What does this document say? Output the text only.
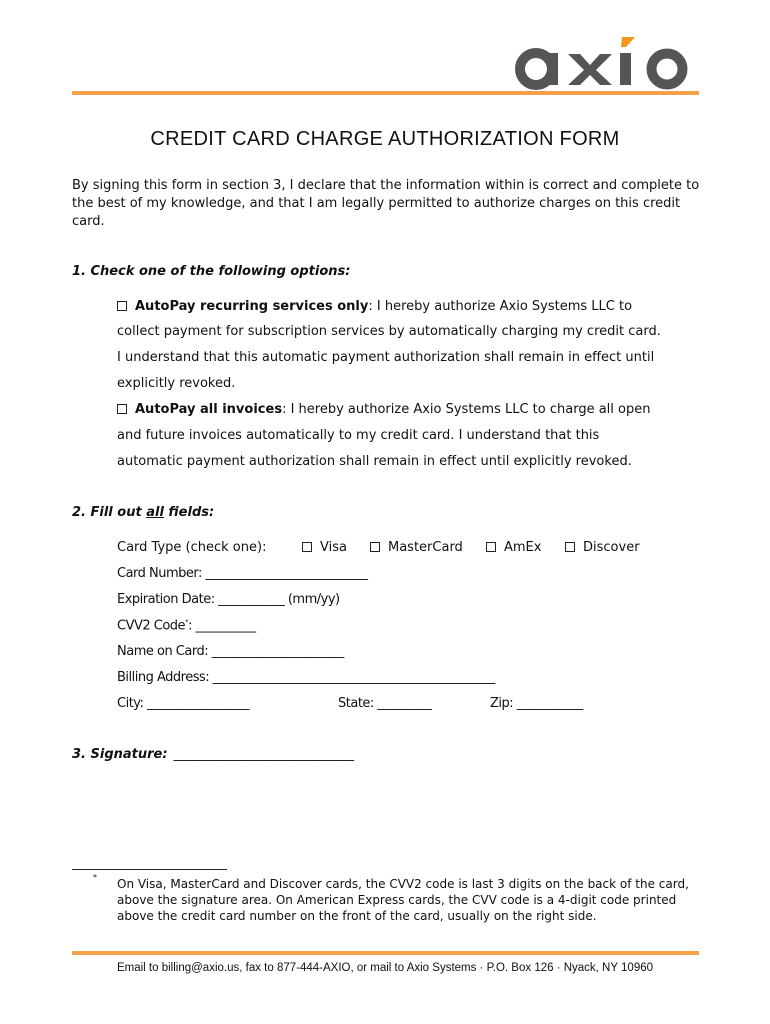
CREDIT CARD CHARGE AUTHORIZATION FORM
By signing this form in section 3, I declare that the information within is correct and complete to the best of my knowledge, and that I am legally permitted to authorize charges on this credit card.
1. Check one of the following options:
AutoPay recurring services only: I hereby authorize Axio Systems LLC to
collect payment for subscription services by automatically charging my credit card.
I understand that this automatic payment authorization shall remain in effect until
explicitly revoked.
AutoPay all invoices: I hereby authorize Axio Systems LLC to charge all open
and future invoices automatically to my credit card. I understand that this
automatic payment authorization shall remain in effect until explicitly revoked.
2. Fill out all fields:
Card Type (check one):	Visa	MasterCard	AmEx	Discover
Card Number: ___________________________
Expiration Date: ___________ (mm/yy)
CVV2 Code*: __________
Name on Card: ______________________
Billing Address: _______________________________________________
City: _________________	State: _________	Zip: ___________
3. Signature: ______________________________
* On Visa, MasterCard and Discover cards, the CVV2 code is last 3 digits on the back of the card, above the signature area. On American Express cards, the CVV code is a 4-digit code printed above the credit card number on the front of the card, usually on the right side.
Email to billing@axio.us, fax to 877-444-AXIO, or mail to Axio Systems · P.O. Box 126 · Nyack, NY 10960
